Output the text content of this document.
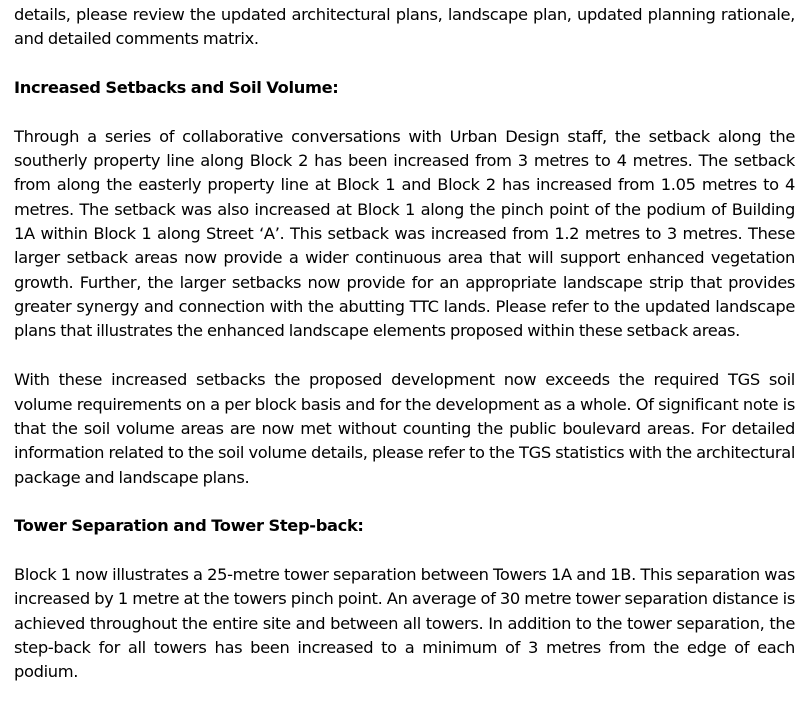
details, please review the updated architectural plans, landscape plan, updated planning rationale, and detailed comments matrix.

Increased Setbacks and Soil Volume:

Through a series of collaborative conversations with Urban Design staff, the setback along the southerly property line along Block 2 has been increased from 3 metres to 4 metres. The setback from along the easterly property line at Block 1 and Block 2 has increased from 1.05 metres to 4 metres. The setback was also increased at Block 1 along the pinch point of the podium of Building 1A within Block 1 along Street ‘A’. This setback was increased from 1.2 metres to 3 metres. These larger setback areas now provide a wider continuous area that will support enhanced vegetation growth. Further, the larger setbacks now provide for an appropriate landscape strip that provides greater synergy and connection with the abutting TTC lands. Please refer to the updated landscape plans that illustrates the enhanced landscape elements proposed within these setback areas.

With these increased setbacks the proposed development now exceeds the required TGS soil volume requirements on a per block basis and for the development as a whole. Of significant note is that the soil volume areas are now met without counting the public boulevard areas. For detailed information related to the soil volume details, please refer to the TGS statistics with the architectural package and landscape plans.

Tower Separation and Tower Step-back:

Block 1 now illustrates a 25-metre tower separation between Towers 1A and 1B. This separation was increased by 1 metre at the towers pinch point. An average of 30 metre tower separation distance is achieved throughout the entire site and between all towers. In addition to the tower separation, the step-back for all towers has been increased to a minimum of 3 metres from the edge of each podium.
